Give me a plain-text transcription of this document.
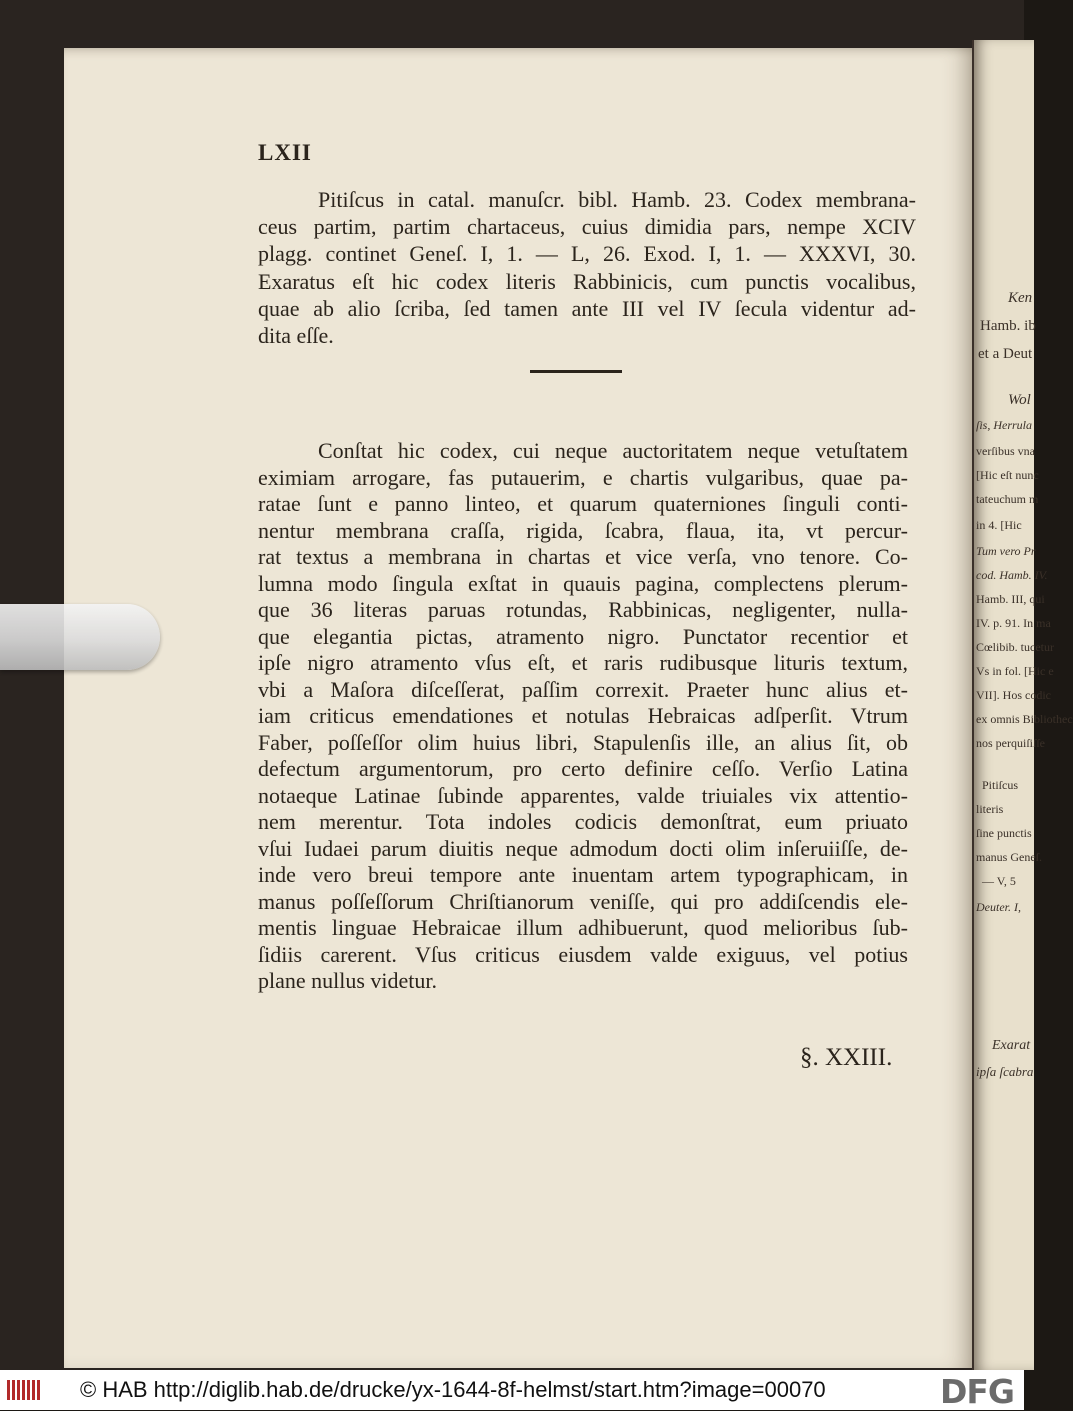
Ken
Hamb. ib
et a Deut
Wol
ſis, Herrula
verſibus vna
[Hic eſt nunc
tateuchum m
in 4. [Hic
Tum vero Pr
cod. Hamb. IV.
Hamb. III, qui
IV. p. 91. In ma
Cœlibib. tucetur
Vs in fol. [Hic e
VII]. Hos codic
ex omnis Bibliothec
nos perquiſiſſe
Pitiſcus
literis
ſine punctis
manus Geneſ.
— V, 5
Deuter. I,
Exarat
ipſa ſcabra
LXII
Pitiſcus in catal. manuſcr. bibl. Hamb. 23. Codex membrana-
ceus partim, partim chartaceus, cuius dimidia pars, nempe XCIV
plagg. continet Geneſ. I, 1. — L, 26. Exod. I, 1. — XXXVI, 30.
Exaratus eſt hic codex literis Rabbinicis, cum punctis vocalibus,
quae ab alio ſcriba, ſed tamen ante III vel IV ſecula videntur ad-
dita eſſe.
Conſtat hic codex, cui neque auctoritatem neque vetuſtatem
eximiam arrogare, fas putauerim, e chartis vulgaribus, quae pa-
ratae ſunt e panno linteo, et quarum quaterniones ſinguli conti-
nentur membrana craſſa, rigida, ſcabra, flaua, ita, vt percur-
rat textus a membrana in chartas et vice verſa, vno tenore. Co-
lumna modo ſingula exſtat in quauis pagina, complectens plerum-
que 36 literas paruas rotundas, Rabbinicas, negligenter, nulla-
que elegantia pictas, atramento nigro. Punctator recentior et
ipſe nigro atramento vſus eſt, et raris rudibusque lituris textum,
vbi a Maſora diſceſſerat, paſſim correxit. Praeter hunc alius et-
iam criticus emendationes et notulas Hebraicas adſperſit. Vtrum
Faber, poſſeſſor olim huius libri, Stapulenſis ille, an alius ſit, ob
defectum argumentorum, pro certo definire ceſſo. Verſio Latina
notaeque Latinae ſubinde apparentes, valde triuiales vix attentio-
nem merentur. Tota indoles codicis demonſtrat, eum priuato
vſui Iudaei parum diuitis neque admodum docti olim inſeruiiſſe, de-
inde vero breui tempore ante inuentam artem typographicam, in
manus poſſeſſorum Chriſtianorum veniſſe, qui pro addiſcendis ele-
mentis linguae Hebraicae illum adhibuerunt, quod melioribus ſub-
ſidiis carerent. Vſus criticus eiusdem valde exiguus, vel potius
plane nullus videtur.
§. XXIII.
© HAB http://diglib.hab.de/drucke/yx-1644-8f-helmst/start.htm?image=00070	DFG
